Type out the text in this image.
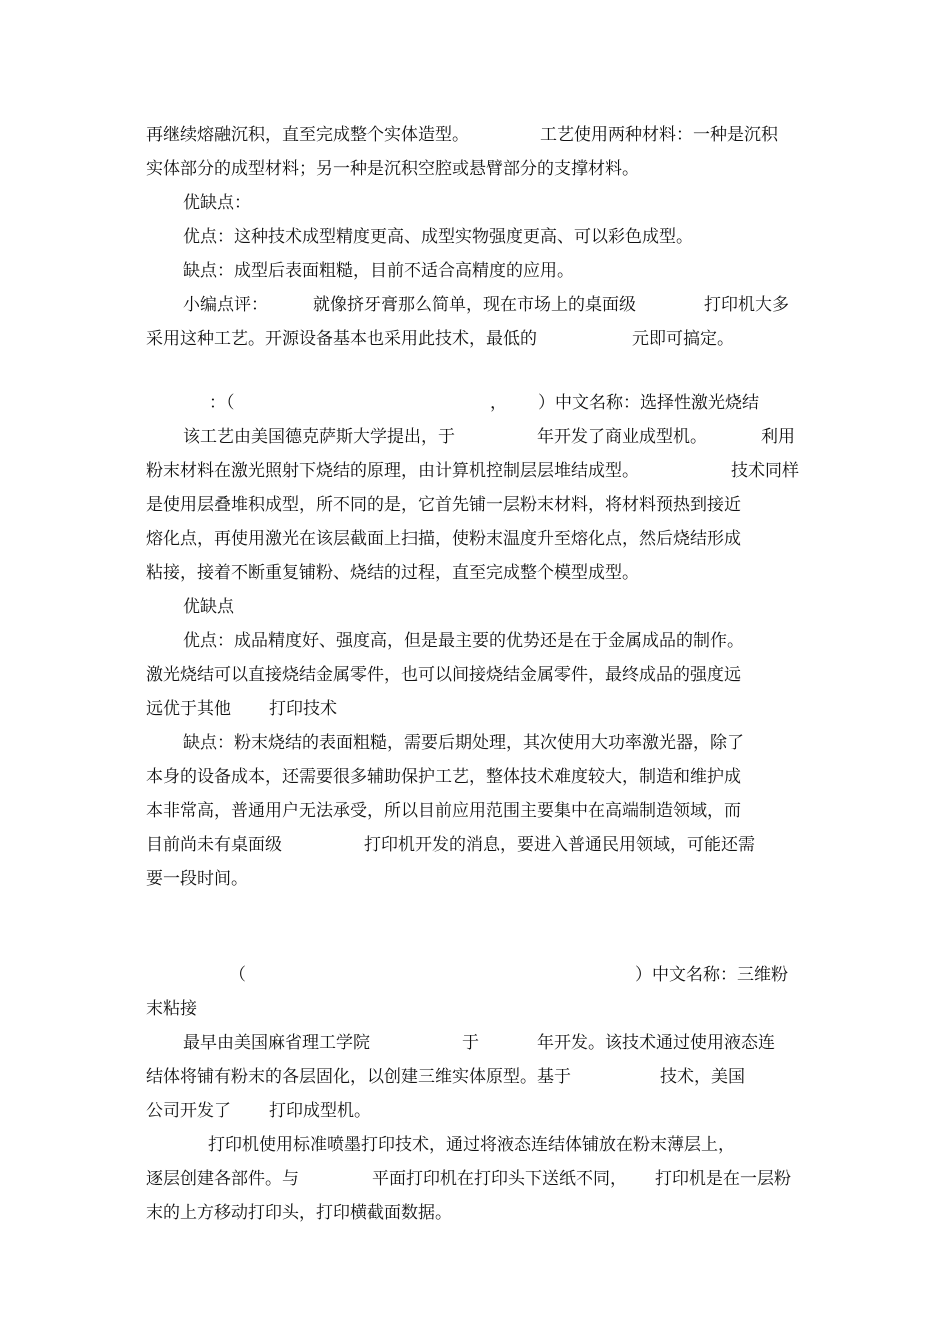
再继续熔融沉积，直至完成整个实体造型。	工艺使用两种材料：一种是沉积
实体部分的成型材料；另一种是沉积空腔或悬臂部分的支撑材料。
优缺点：
优点：这种技术成型精度更高、成型实物强度更高、可以彩色成型。
缺点：成型后表面粗糙，目前不适合高精度的应用。
小编点评：	就像挤牙膏那么简单，现在市场上的桌面级	打印机大多
采用这种工艺。开源设备基本也采用此技术，最低的	元即可搞定。
：（	， ）中文名称：选择性激光烧结
该工艺由美国德克萨斯大学提出，于	年开发了商业成型机。	利用
粉末材料在激光照射下烧结的原理，由计算机控制层层堆结成型。	技术同样
是使用层叠堆积成型，所不同的是，它首先铺一层粉末材料，将材料预热到接近
熔化点，再使用激光在该层截面上扫描，使粉末温度升至熔化点，然后烧结形成
粘接，接着不断重复铺粉、烧结的过程，直至完成整个模型成型。
优缺点
优点：成品精度好、强度高，但是最主要的优势还是在于金属成品的制作。
激光烧结可以直接烧结金属零件，也可以间接烧结金属零件，最终成品的强度远
远优于其他 打印技术
缺点：粉末烧结的表面粗糙，需要后期处理，其次使用大功率激光器，除了
本身的设备成本，还需要很多辅助保护工艺，整体技术难度较大，制造和维护成
本非常高，普通用户无法承受，所以目前应用范围主要集中在高端制造领域，而
目前尚未有桌面级	打印机开发的消息，要进入普通民用领域，可能还需
要一段时间。
（	）中文名称：三维粉
末粘接
最早由美国麻省理工学院	于	年开发。该技术通过使用液态连
结体将铺有粉末的各层固化，以创建三维实体原型。基于	技术，美国
公司开发了 打印成型机。
打印机使用标准喷墨打印技术，通过将液态连结体铺放在粉末薄层上，
逐层创建各部件。与	平面打印机在打印头下送纸不同， 打印机是在一层粉
末的上方移动打印头，打印横截面数据。
